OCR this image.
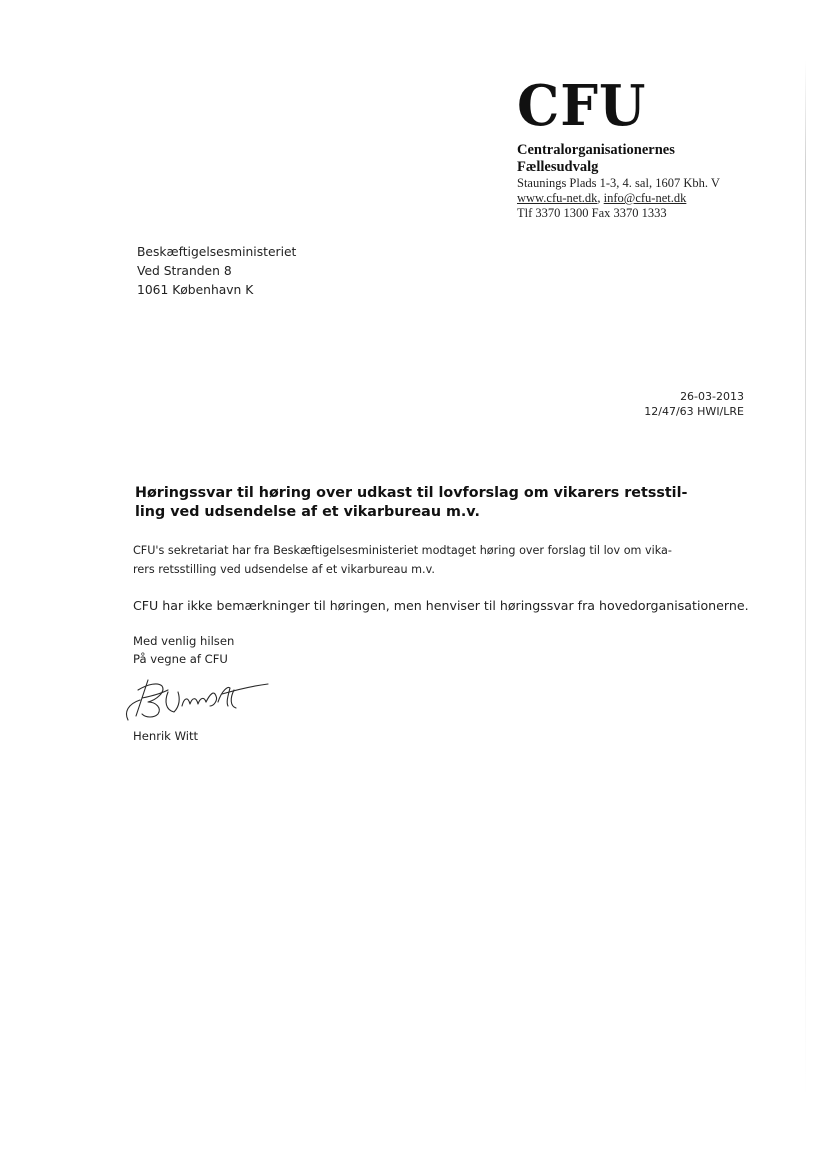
CFU
Centralorganisationernes
Fællesudvalg
Staunings Plads 1-3, 4. sal, 1607 Kbh. V
www.cfu-net.dk, info@cfu-net.dk
Tlf 3370 1300 Fax 3370 1333
Beskæftigelsesministeriet
Ved Stranden 8
1061 København K
26-03-2013
12/47/63 HWI/LRE
Høringssvar til høring over udkast til lovforslag om vikarers retsstil-
ling ved udsendelse af et vikarbureau m.v.
CFU's sekretariat har fra Beskæftigelsesministeriet modtaget høring over forslag til lov om vika-
rers retsstilling ved udsendelse af et vikarbureau m.v.
CFU har ikke bemærkninger til høringen, men henviser til høringssvar fra hovedorganisationerne.
Med venlig hilsen
På vegne af CFU
Henrik Witt
